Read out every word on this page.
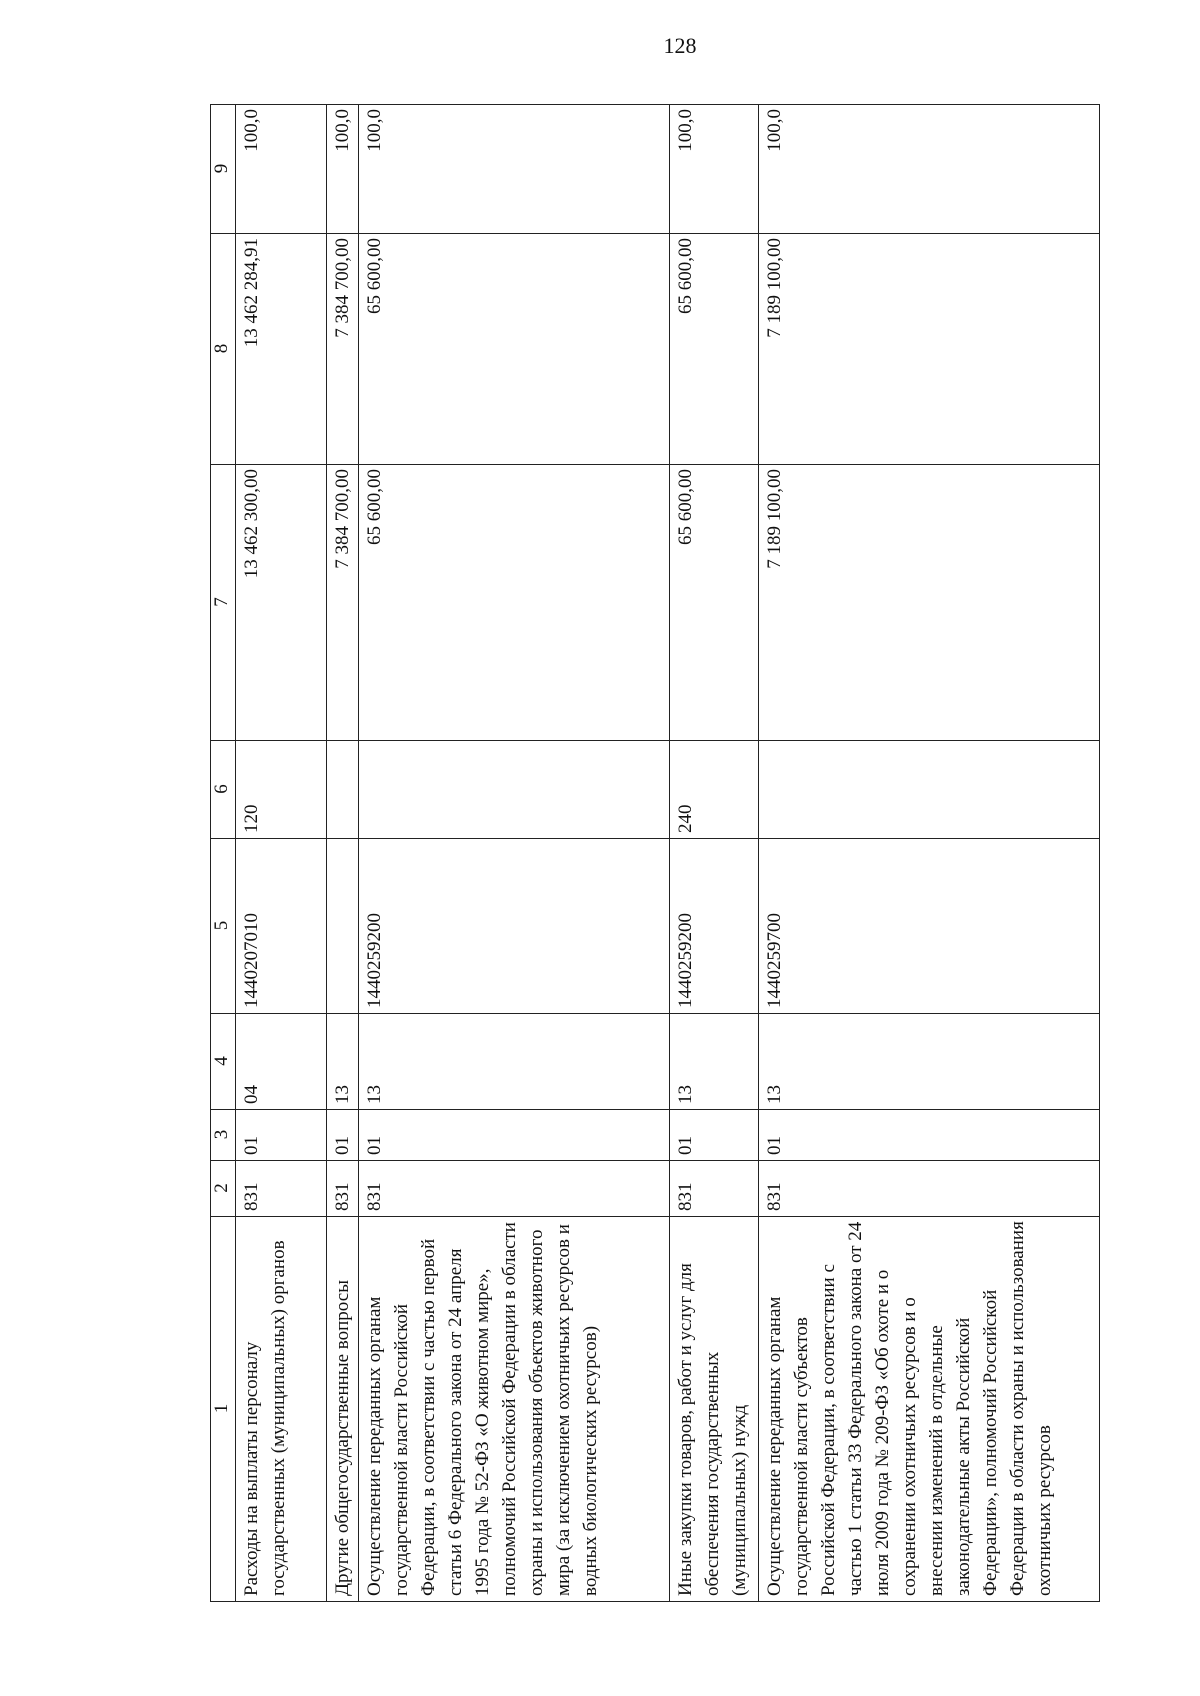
128
1	2	3	4	5	6	7	8	9
Расходы на выплаты персоналу государственных (муниципальных) органов	831	01	04	1440207010	120	13 462 300,00	13 462 284,91	100,0
Другие общегосударственные вопросы	831	01	13			7 384 700,00	7 384 700,00	100,0
Осуществление переданных органам государственной власти Российской Федерации, в соответствии с частью первой статьи 6 Федерального закона от 24 апреля 1995 года № 52-ФЗ «О животном мире», полномочий Российской Федерации в области охраны и использования объектов животного мира (за исключением охотничьих ресурсов и водных биологических ресурсов)	831	01	13	1440259200		65 600,00	65 600,00	100,0
Иные закупки товаров, работ и услуг для обеспечения государственных (муниципальных) нужд	831	01	13	1440259200	240	65 600,00	65 600,00	100,0
Осуществление переданных органам государственной власти субъектов Российской Федерации, в соответствии с частью 1 статьи 33 Федерального закона от 24 июля 2009 года № 209-ФЗ «Об охоте и о сохранении охотничьих ресурсов и о внесении изменений в отдельные законодательные акты Российской Федерации», полномочий Российской Федерации в области охраны и использования охотничьих ресурсов	831	01	13	1440259700		7 189 100,00	7 189 100,00	100,0
